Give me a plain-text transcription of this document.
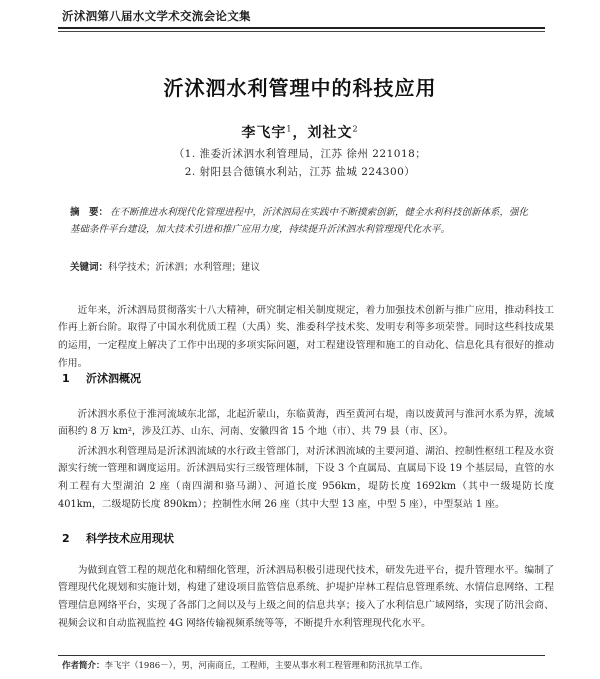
沂沭泗第八届水文学术交流会论文集
沂沭泗水利管理中的科技应用
李飞宇$^1$，刘社文$^2$
（1. 淮委沂沭泗水利管理局，江苏 徐州 221018；
2. 射阳县合德镇水利站，江苏 盐城 224300）
摘　要： 在不断推进水利现代化管理进程中，沂沭泗局在实践中不断摸索创新，健全水利科技创新体系，强化基础条件平台建设，加大技术引进和推广应用力度，持续提升沂沭泗水利管理现代化水平。
关键词：科学技术；沂沭泗；水利管理；建议

近年来，沂沭泗局贯彻落实十八大精神，研究制定相关制度规定，着力加强技术创新与推广应用，推动科技工作再上新台阶。取得了中国水利优质工程（大禹）奖、淮委科学技术奖、发明专利等多项荣誉。同时这些科技成果的运用，一定程度上解决了工作中出现的多项实际问题，对工程建设管理和施工的自动化、信息化具有很好的推动作用。

1 沂沭泗概况

沂沭泗水系位于淮河流域东北部，北起沂蒙山，东临黄海，西至黄河右堤，南以废黄河与淮河水系为界，流域面积约 8 万 km²，涉及江苏、山东、河南、安徽四省 15 个地（市）、共 79 县（市、区）。

沂沭泗水利管理局是沂沭泗流域的水行政主管部门，对沂沭泗流域的主要河道、湖泊、控制性枢纽工程及水资源实行统一管理和调度运用。沂沭泗局实行三级管理体制，下设 3 个直属局、直属局下设 19 个基层局，直管的水利工程有大型湖泊 2 座（南四湖和骆马湖）、河道长度 956km，堤防长度 1692km（其中一级堤防长度 401km，二级堤防长度 890km）；控制性水闸 26 座（其中大型 13 座，中型 5 座），中型泵站 1 座。

2 科学技术应用现状

为做到直管工程的规范化和精细化管理，沂沭泗局积极引进现代技术，研发先进平台，提升管理水平。编制了管理现代化规划和实施计划，构建了建设项目监管信息系统、护堤护岸林工程信息管理系统、水情信息网络、工程管理信息网络平台，实现了各部门之间以及与上级之间的信息共享；接入了水利信息广域网络，实现了防汛会商、视频会议和自动监视监控 4G 网络传输视频系统等等，不断提升水利管理现代化水平。

作者简介：李飞宇（1986－），男，河南商丘，工程师，主要从事水利工程管理和防汛抗旱工作。
